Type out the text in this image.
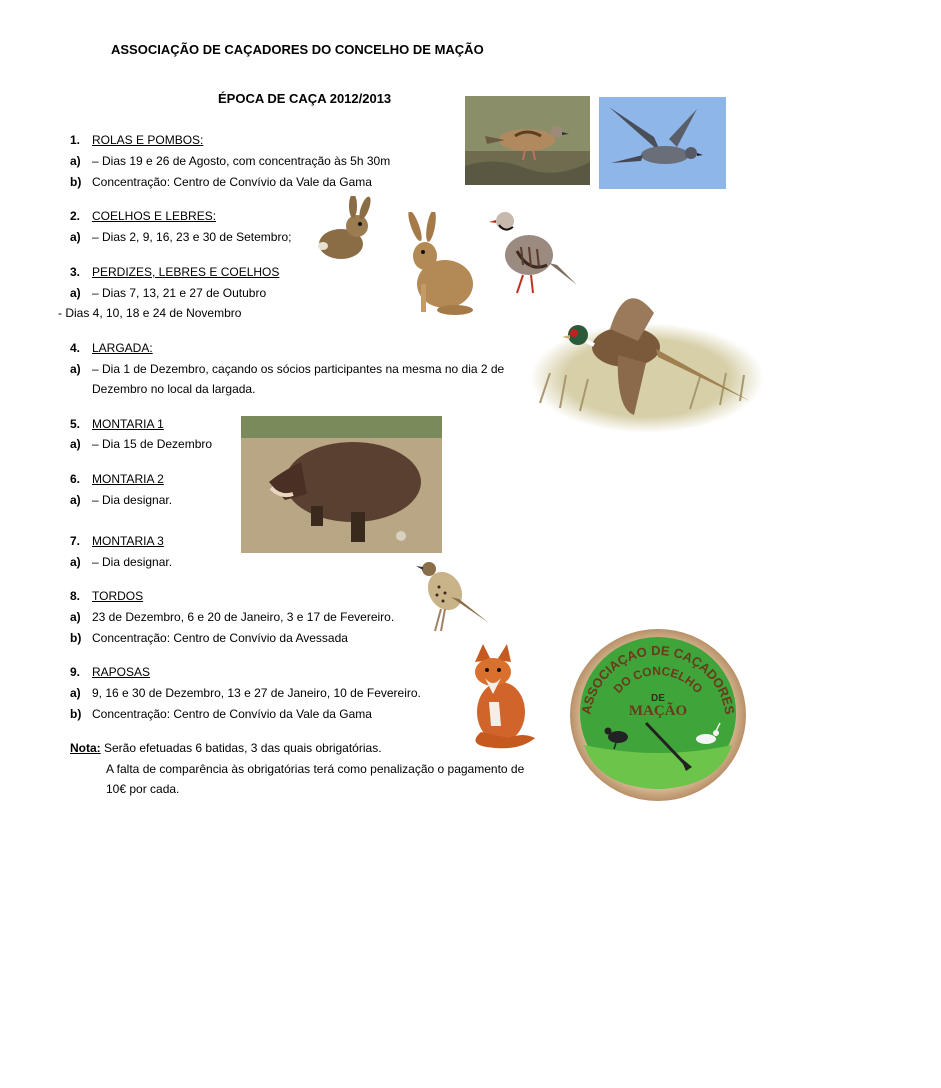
ASSOCIAÇÃO DE CAÇADORES DO CONCELHO DE MAÇÃO
ÉPOCA DE CAÇA 2012/2013
1. ROLAS E POMBOS:
a) – Dias 19 e 26 de Agosto, com concentração às 5h 30m
b) Concentração: Centro de Convívio da Vale da Gama
2. COELHOS E LEBRES:
a) – Dias 2, 9, 16, 23 e 30 de Setembro;
3. PERDIZES, LEBRES E COELHOS
a) – Dias 7, 13, 21 e 27 de Outubro
- Dias 4, 10, 18 e 24 de Novembro
4. LARGADA:
a) – Dia 1 de Dezembro, caçando os sócios participantes na mesma no dia 2 de
Dezembro no local da largada.
5. MONTARIA 1
a) – Dia 15 de Dezembro
6. MONTARIA 2
a) – Dia designar.
7. MONTARIA 3
a) – Dia designar.
8. TORDOS
a) 23 de Dezembro, 6 e 20 de Janeiro, 3 e 17 de Fevereiro.
b) Concentração: Centro de Convívio da Avessada
9. RAPOSAS
a) 9, 16 e 30 de Dezembro, 13 e 27 de Janeiro, 10 de Fevereiro.
b) Concentração: Centro de Convívio da Vale da Gama
Nota: Serão efetuadas 6 batidas, 3 das quais obrigatórias.
A falta de comparência às obrigatórias terá como penalização o pagamento de
10€ por cada.
ASSOCIAÇAO DE CAÇADORES
DO CONCELHO
DE
MAÇÃO
